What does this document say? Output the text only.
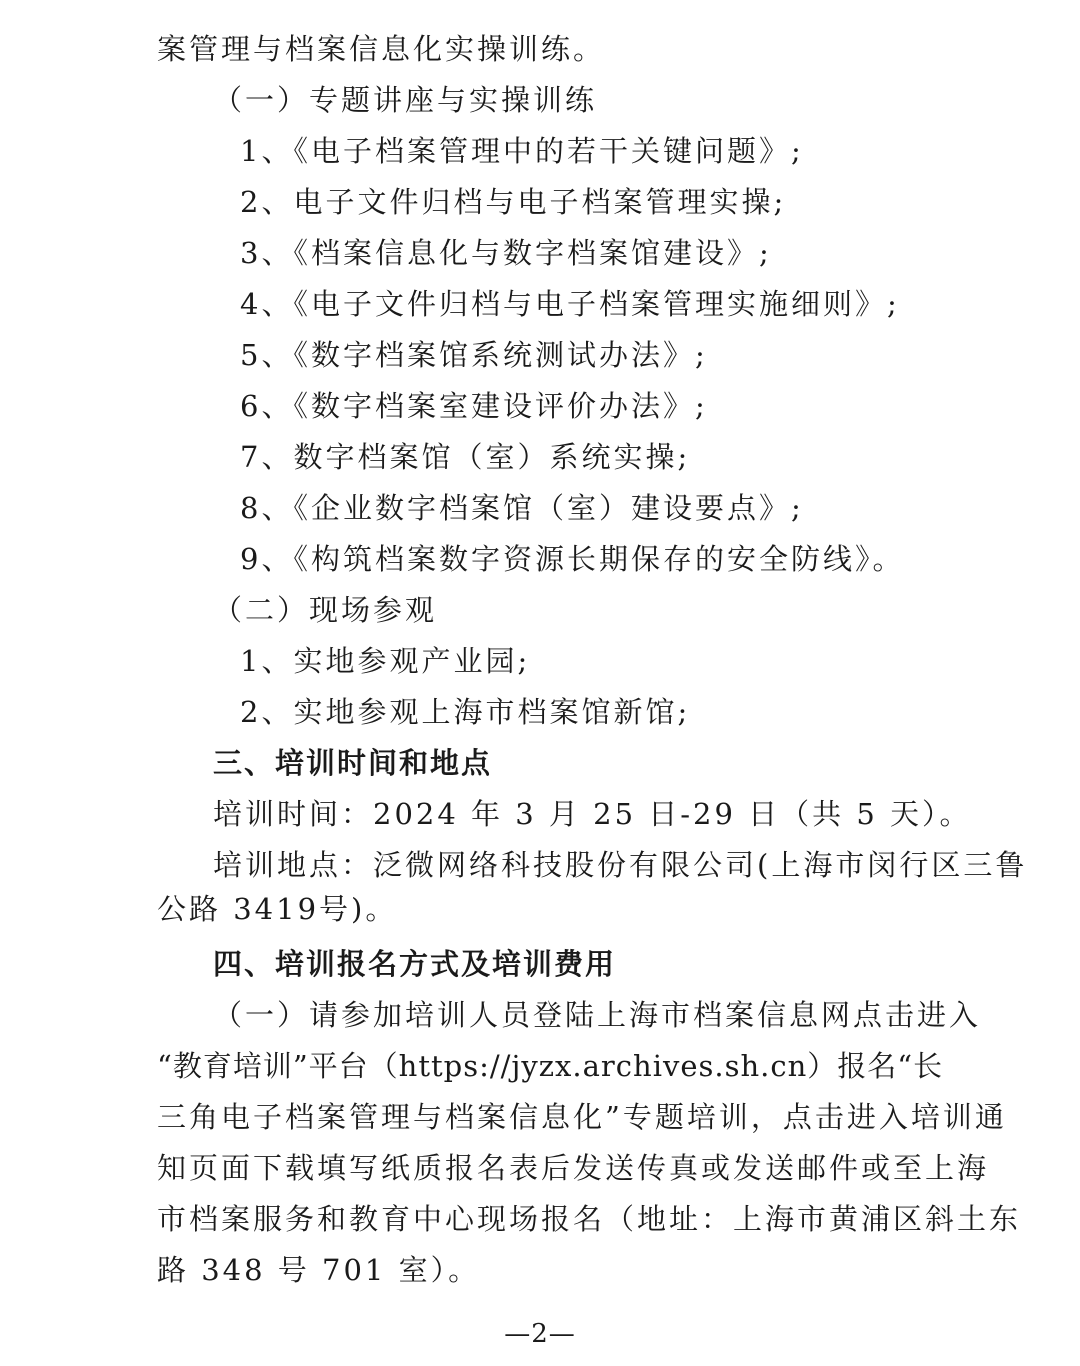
案管理与档案信息化实操训练。
（一）专题讲座与实操训练
1、《电子档案管理中的若干关键问题》;
2、电子文件归档与电子档案管理实操;
3、《档案信息化与数字档案馆建设》;
4、《电子文件归档与电子档案管理实施细则》;
5、《数字档案馆系统测试办法》;
6、《数字档案室建设评价办法》;
7、数字档案馆（室）系统实操;
8、《企业数字档案馆（室）建设要点》;
9、《构筑档案数字资源长期保存的安全防线》。
（二）现场参观
1、实地参观产业园;
2、实地参观上海市档案馆新馆;
三、培训时间和地点
培训时间：2024 年 3 月 25 日-29 日（共 5 天）。
培训地点：泛微网络科技股份有限公司(上海市闵行区三鲁
公路 3419号)。
四、培训报名方式及培训费用
（一）请参加培训人员登陆上海市档案信息网点击进入
“教育培训”平台（https://jyzx.archives.sh.cn）报名“长
三角电子档案管理与档案信息化”专题培训，点击进入培训通
知页面下载填写纸质报名表后发送传真或发送邮件或至上海
市档案服务和教育中心现场报名（地址：上海市黄浦区斜土东
路 348 号 701 室）。
—2—
